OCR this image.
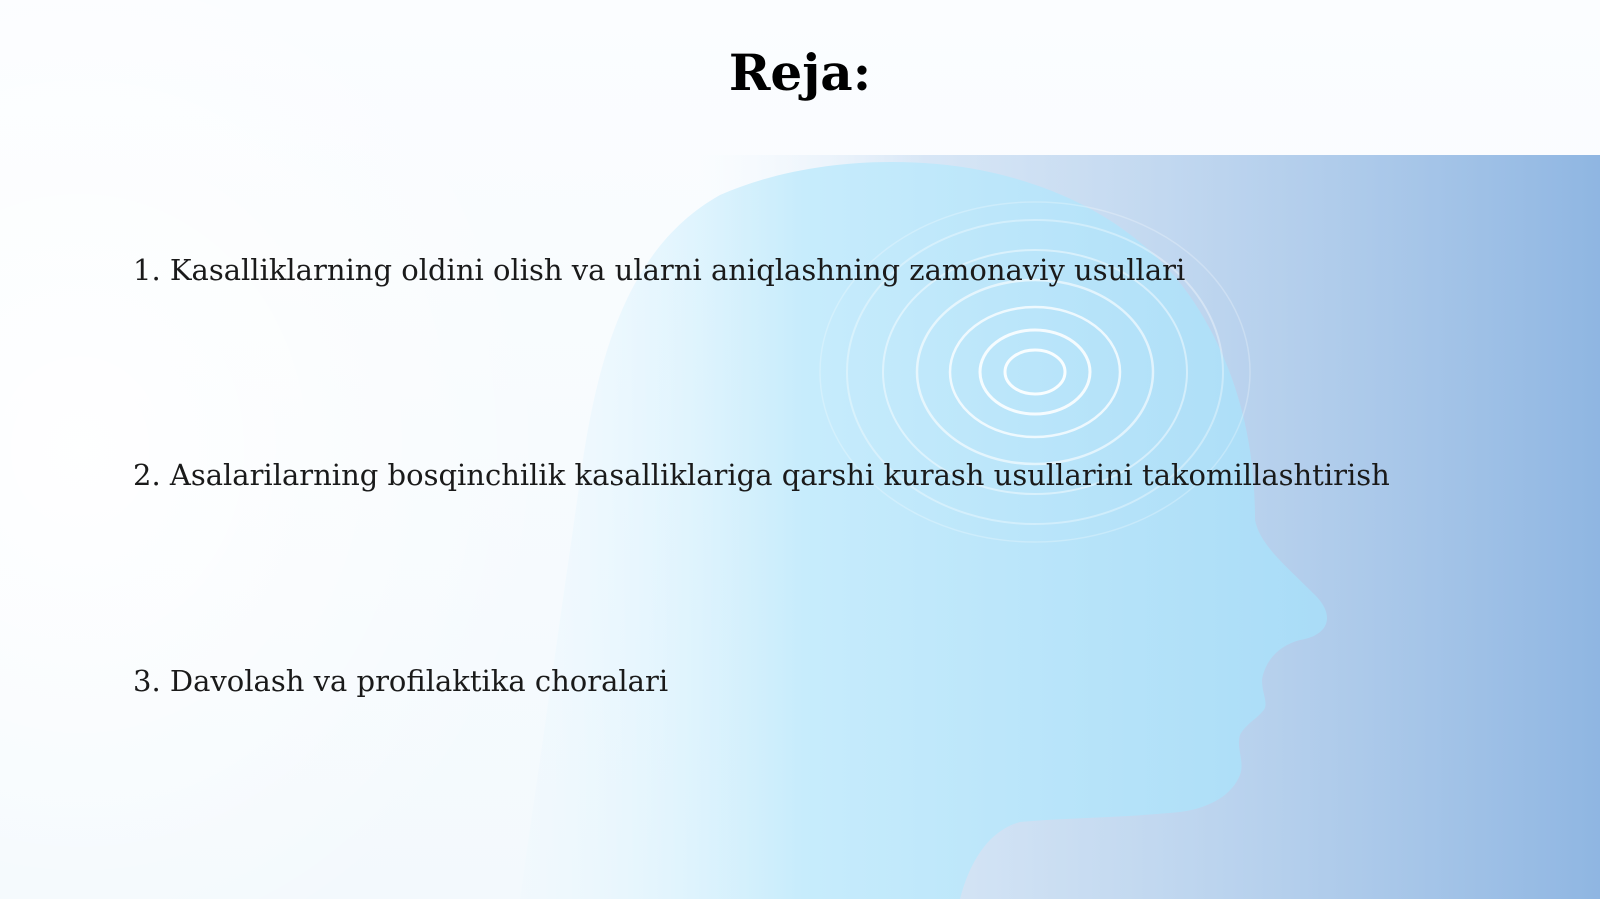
Reja:
1. Kasalliklarning oldini olish va ularni aniqlashning zamonaviy usullari
2. Asalarilarning bosqinchilik kasalliklariga qarshi kurash usullarini takomillashtirish
3. Davolash va profilaktika choralari
